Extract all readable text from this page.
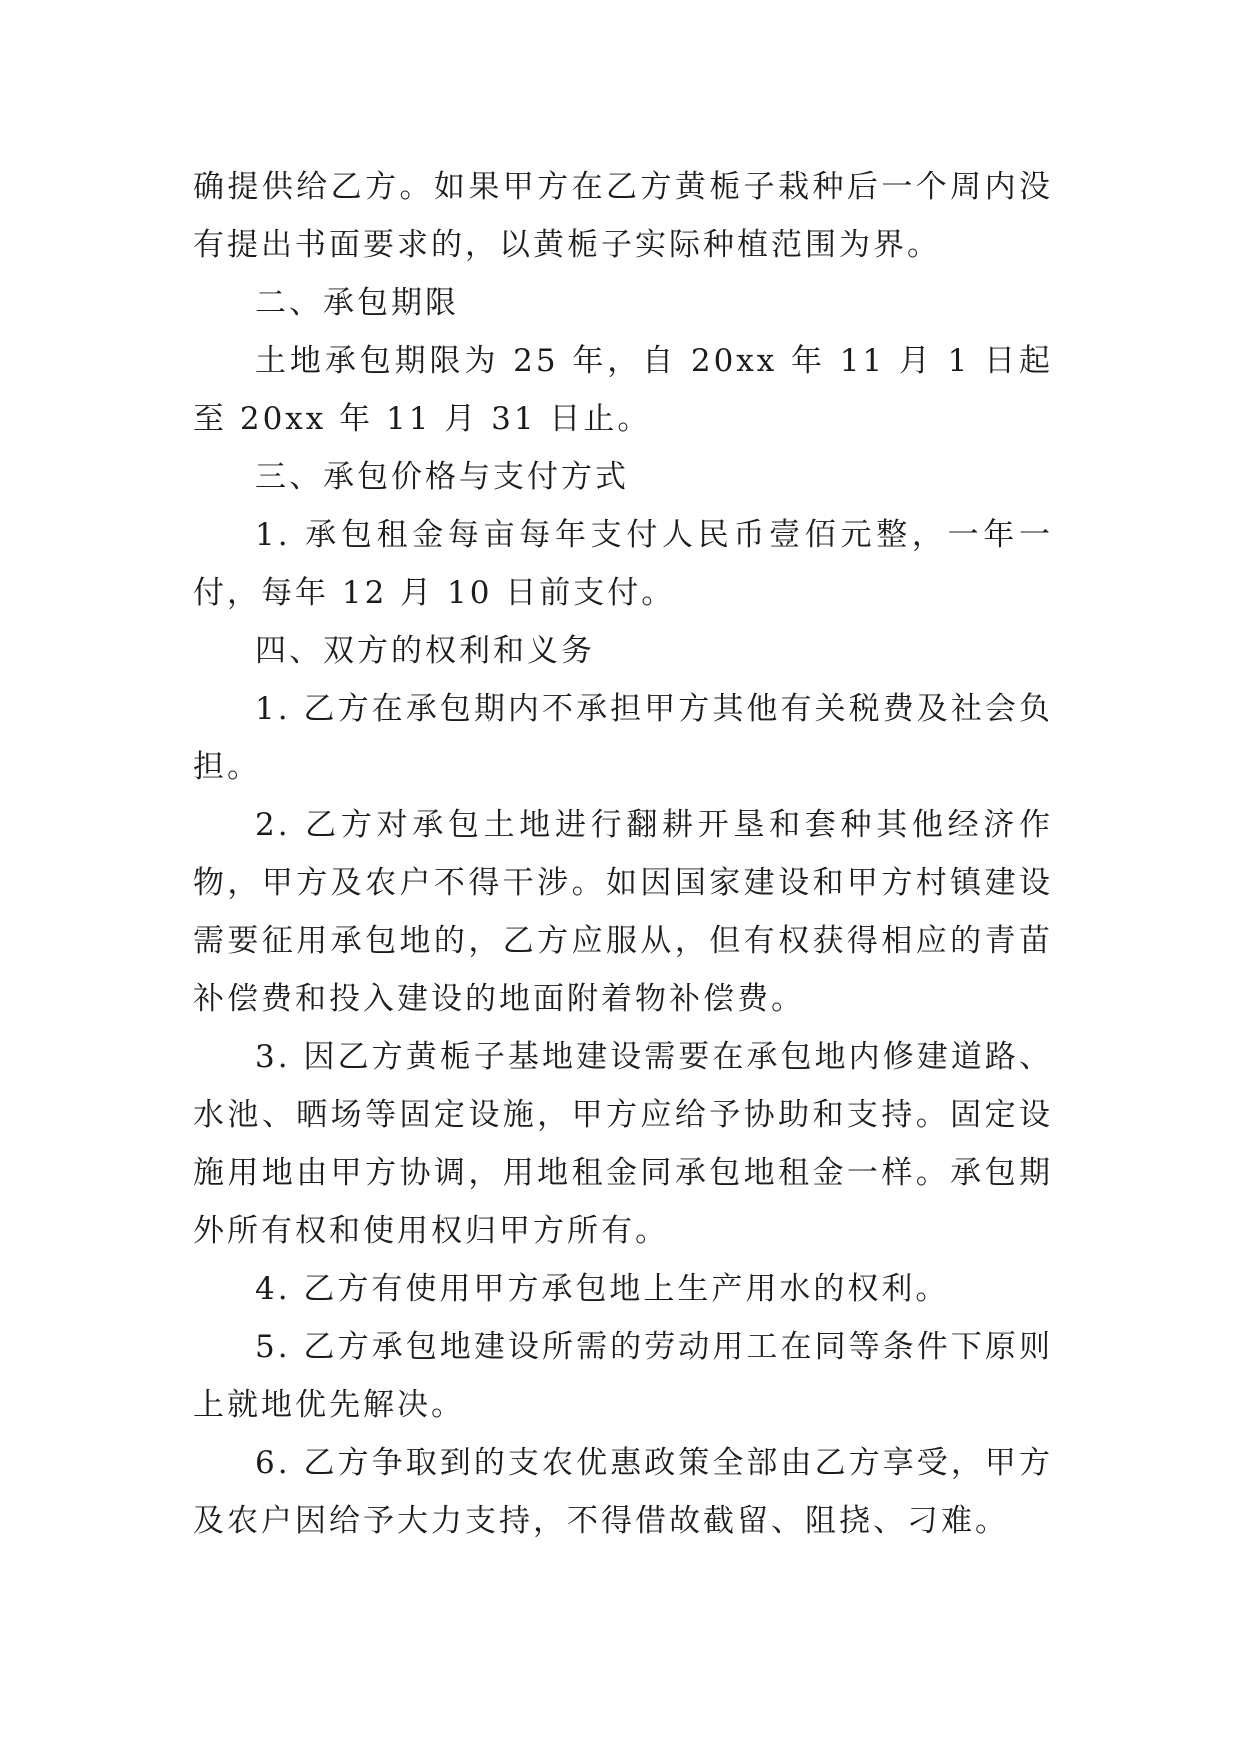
确提供给乙方。如果甲方在乙方黄栀子栽种后一个周内没有提出书面要求的，以黄栀子实际种植范围为界。

二、承包期限

土地承包期限为 25 年，自 20xx 年 11 月 1 日起至 20xx 年 11 月 31 日止。

三、承包价格与支付方式

1. 承包租金每亩每年支付人民币壹佰元整，一年一付，每年 12 月 10 日前支付。

四、双方的权利和义务

1. 乙方在承包期内不承担甲方其他有关税费及社会负担。

2. 乙方对承包土地进行翻耕开垦和套种其他经济作物，甲方及农户不得干涉。如因国家建设和甲方村镇建设需要征用承包地的，乙方应服从，但有权获得相应的青苗补偿费和投入建设的地面附着物补偿费。

3. 因乙方黄栀子基地建设需要在承包地内修建道路、水池、晒场等固定设施，甲方应给予协助和支持。固定设施用地由甲方协调，用地租金同承包地租金一样。承包期外所有权和使用权归甲方所有。

4. 乙方有使用甲方承包地上生产用水的权利。

5. 乙方承包地建设所需的劳动用工在同等条件下原则上就地优先解决。

6. 乙方争取到的支农优惠政策全部由乙方享受，甲方及农户因给予大力支持，不得借故截留、阻挠、刁难。
